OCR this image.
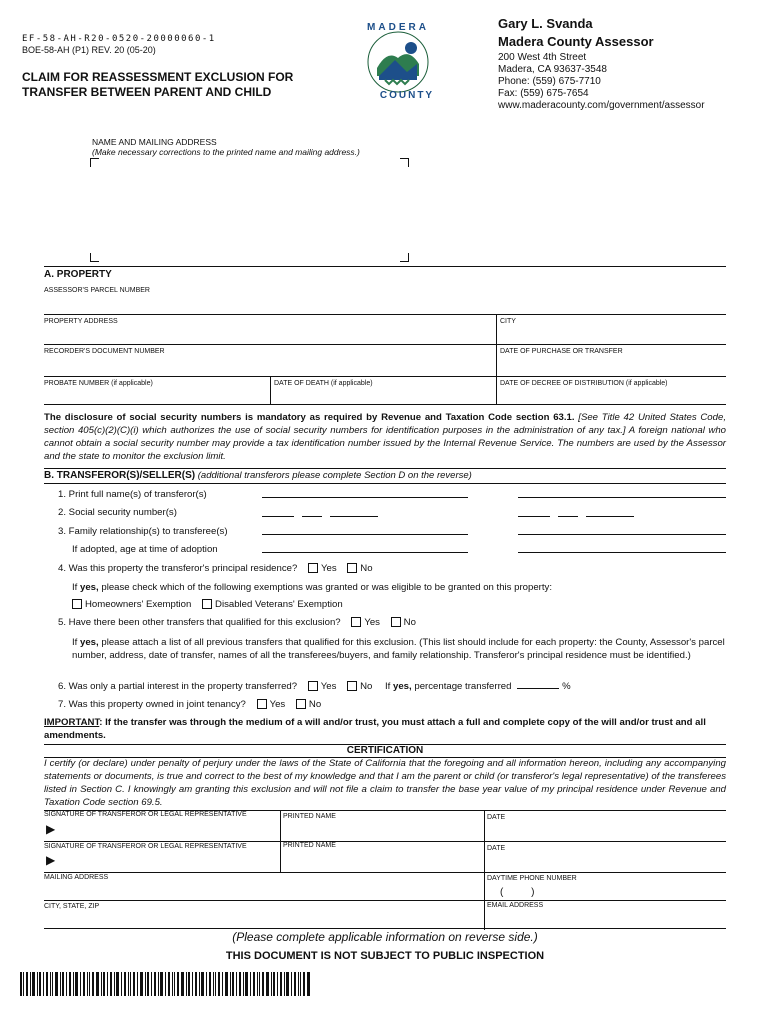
EF-58-AH-R20-0520-20000060-1
BOE-58-AH (P1) REV. 20 (05-20)
CLAIM FOR REASSESSMENT EXCLUSION FOR
TRANSFER BETWEEN PARENT AND CHILD
MADERA
COUNTY
Gary L. Svanda
Madera County Assessor
200 West 4th Street
Madera, CA 93637-3548
Phone: (559) 675-7710
Fax: (559) 675-7654
www.maderacounty.com/government/assessor
NAME AND MAILING ADDRESS
(Make necessary corrections to the printed name and mailing address.)
A. PROPERTY
ASSESSOR'S PARCEL NUMBER
PROPERTY ADDRESS	CITY
RECORDER'S DOCUMENT NUMBER	DATE OF PURCHASE OR TRANSFER
PROBATE NUMBER (if applicable)	DATE OF DEATH (if applicable)	DATE OF DECREE OF DISTRIBUTION (if applicable)
The disclosure of social security numbers is mandatory as required by Revenue and Taxation Code section 63.1. [See Title 42 United States Code, section 405(c)(2)(C)(i) which authorizes the use of social security numbers for identification purposes in the administration of any tax.] A foreign national who cannot obtain a social security number may provide a tax identification number issued by the Internal Revenue Service. The numbers are used by the Assessor and the state to monitor the exclusion limit.
B. TRANSFEROR(S)/SELLER(S) (additional transferors please complete Section D on the reverse)
1. Print full name(s) of transferor(s)
2. Social security number(s)
3. Family relationship(s) to transferee(s)
If adopted, age at time of adoption
4. Was this property the transferor's principal residence? Yes No
If yes, please check which of the following exemptions was granted or was eligible to be granted on this property:
Homeowners' Exemption Disabled Veterans' Exemption
5. Have there been other transfers that qualified for this exclusion? Yes No
If yes, please attach a list of all previous transfers that qualified for this exclusion. (This list should include for each property: the County, Assessor's parcel number, address, date of transfer, names of all the transferees/buyers, and family relationship. Transferor's principal residence must be identified.)
6. Was only a partial interest in the property transferred? Yes No If yes, percentage transferred	%
7. Was this property owned in joint tenancy? Yes No
IMPORTANT: If the transfer was through the medium of a will and/or trust, you must attach a full and complete copy of the will and/or trust and all amendments.
CERTIFICATION
I certify (or declare) under penalty of perjury under the laws of the State of California that the foregoing and all information hereon, including any accompanying statements or documents, is true and correct to the best of my knowledge and that I am the parent or child (or transferor's legal representative) of the transferees listed in Section C. I knowingly am granting this exclusion and will not file a claim to transfer the base year value of my principal residence under Revenue and Taxation Code section 69.5.
SIGNATURE OF TRANSFEROR OR LEGAL REPRESENTATIVE	PRINTED NAME	DATE
▶
SIGNATURE OF TRANSFEROR OR LEGAL REPRESENTATIVE	PRINTED NAME	DATE
▶
MAILING ADDRESS	DAYTIME PHONE NUMBER
(          )
CITY, STATE, ZIP	EMAIL ADDRESS
(Please complete applicable information on reverse side.)
THIS DOCUMENT IS NOT SUBJECT TO PUBLIC INSPECTION
